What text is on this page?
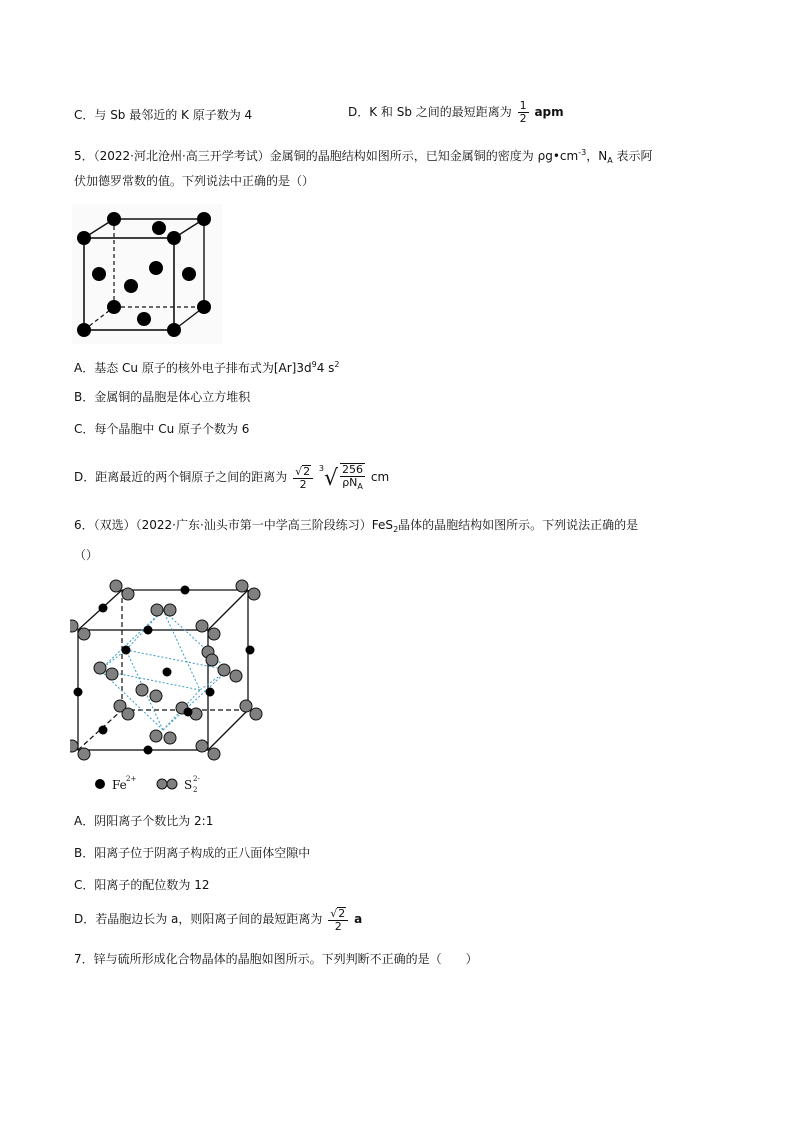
C．与 Sb 最邻近的 K 原子数为 4	D．K 和 Sb 之间的最短距离为 $\frac{1}{2}$ apm
5．（2022·河北沧州·高三开学考试）金属铜的晶胞结构如图所示，已知金属铜的密度为 $\rho g•cm^{-3}$，$N_A$ 表示阿
伏加德罗常数的值。下列说法中正确的是（）
A．基态 Cu 原子的核外电子排布式为$[Ar]3d^94$ $s^2$
B．金属铜的晶胞是体心立方堆积
C．每个晶胞中 Cu 原子个数为 6
D．距离最近的两个铜原子之间的距离为 $\frac{√2}{2} ^3√ \frac{256}{\rho N_A}$ cm
6．（双选）（2022·广东·汕头市第一中学高三阶段练习）FeS$_2$晶体的晶胞结构如图所示。下列说法正确的是
（）
Fe 2+	S 2
2-
A．阴阳离子个数比为 2:1
B．阳离子位于阴离子构成的正八面体空隙中
C．阳离子的配位数为 12
D．若晶胞边长为 a，则阳离子间的最短距离为 $\frac{√2}{2}$ a
7．锌与硫所形成化合物晶体的晶胞如图所示。下列判断不正确的是（　　）
